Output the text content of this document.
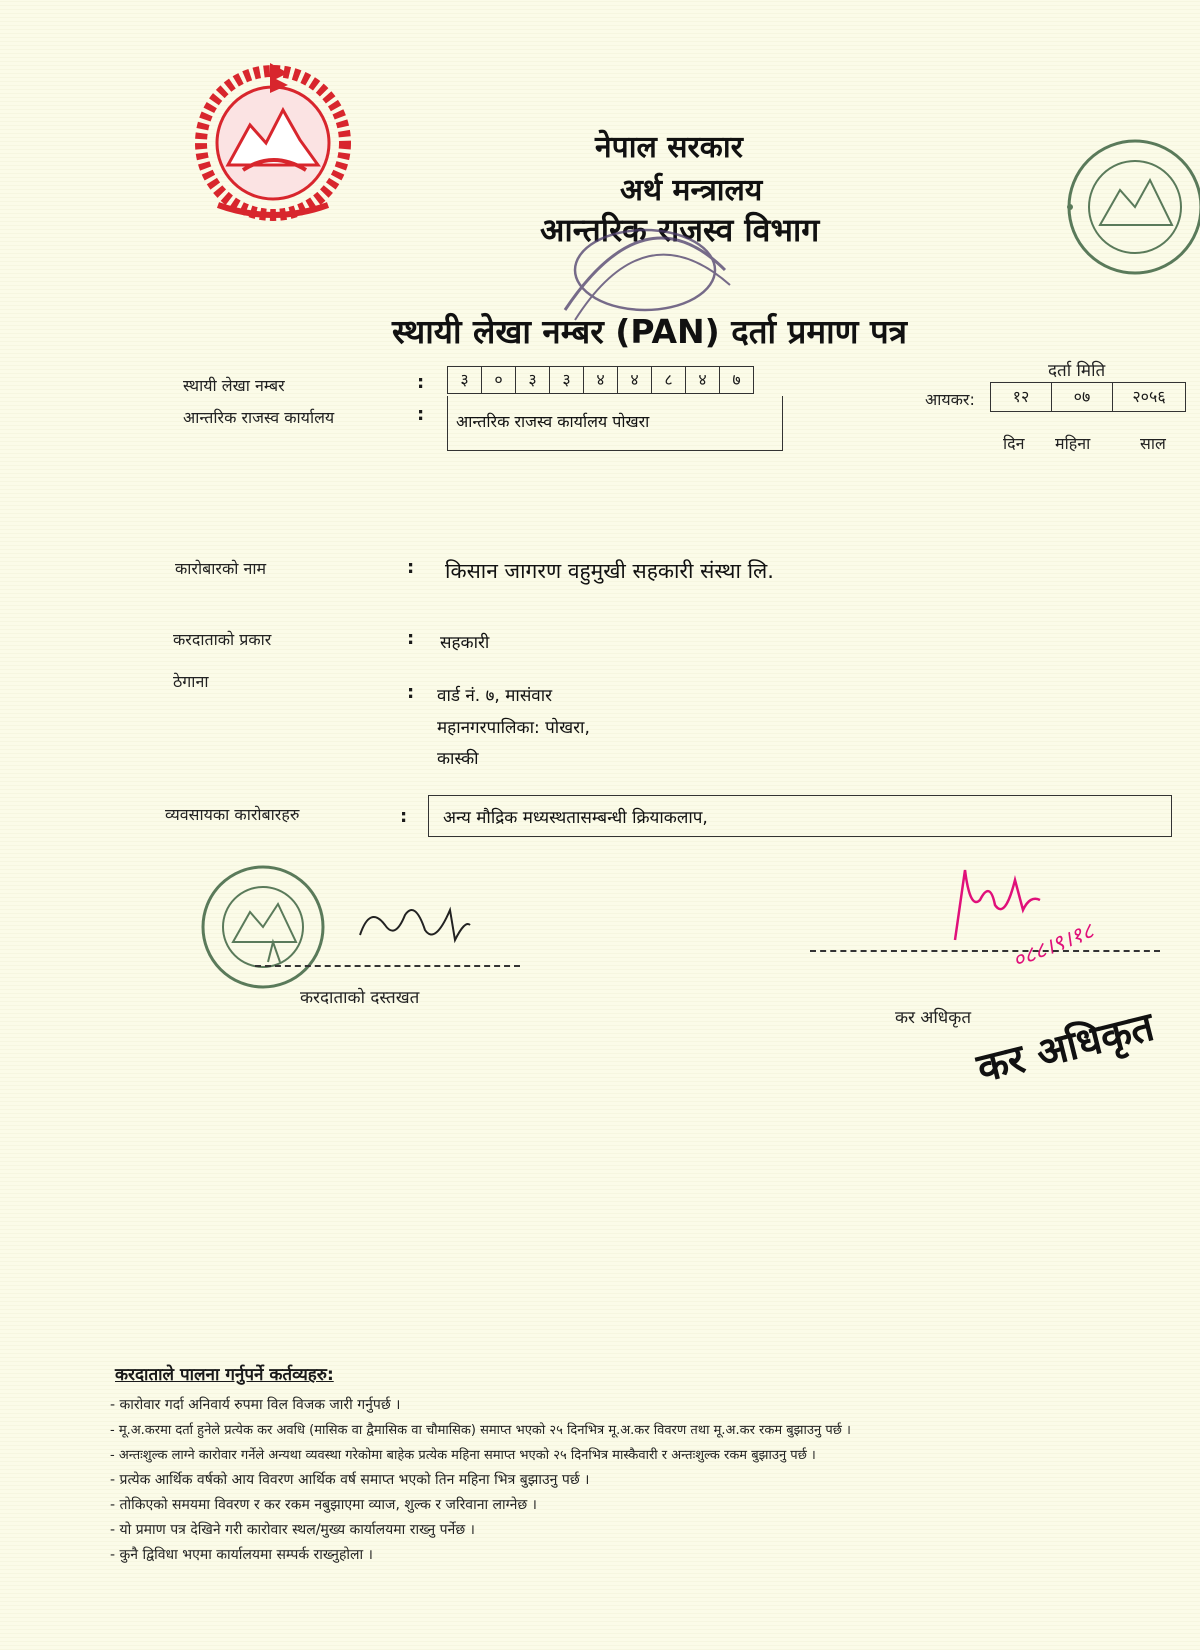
नेपाल सरकार
अर्थ मन्त्रालय
आन्तरिक राजस्व विभाग
स्थायी लेखा नम्बर (PAN) दर्ता प्रमाण पत्र
स्थायी लेखा नम्बर	:	३	०	३	३	४	४	८	४	७
आन्तरिक राजस्व कार्यालय	: आन्तरिक राजस्व कार्यालय पोखरा
दर्ता मिति
आयकर:	१२	०७	२०५६
दिन महिना	साल
कारोबारको नाम	: किसान जागरण वहुमुखी सहकारी संस्था लि.
करदाताको प्रकार	: सहकारी
ठेगाना
: वार्ड नं. ७, मासंवार
महानगरपालिका: पोखरा,
कास्की
व्यवसायका कारोबारहरु	: अन्य मौद्रिक मध्यस्थतासम्बन्धी क्रियाकलाप,
करदाताको दस्तखत
०८८।९।१८
कर अधिकृत कर अधिकृत
करदाताले पालना गर्नुपर्ने कर्तव्यहरु:
- कारोवार गर्दा अनिवार्य रुपमा विल विजक जारी गर्नुपर्छ ।
- मू.अ.करमा दर्ता हुनेले प्रत्येक कर अवधि (मासिक वा द्वैमासिक वा चौमासिक) समाप्त भएको २५ दिनभित्र मू.अ.कर विवरण तथा मू.अ.कर रकम बुझाउनु पर्छ ।
- अन्तःशुल्क लाग्ने कारोवार गर्नेले अन्यथा व्यवस्था गरेकोमा बाहेक प्रत्येक महिना समाप्त भएको २५ दिनभित्र मास्कैवारी र अन्तःशुल्क रकम बुझाउनु पर्छ ।
- प्रत्येक आर्थिक वर्षको आय विवरण आर्थिक वर्ष समाप्त भएको तिन महिना भित्र बुझाउनु पर्छ ।
- तोकिएको समयमा विवरण र कर रकम नबुझाएमा व्याज, शुल्क र जरिवाना लाग्नेछ ।
- यो प्रमाण पत्र देखिने गरी कारोवार स्थल/मुख्य कार्यालयमा राख्नु पर्नेछ ।
- कुनै द्विविधा भएमा कार्यालयमा सम्पर्क राख्नुहोला ।
